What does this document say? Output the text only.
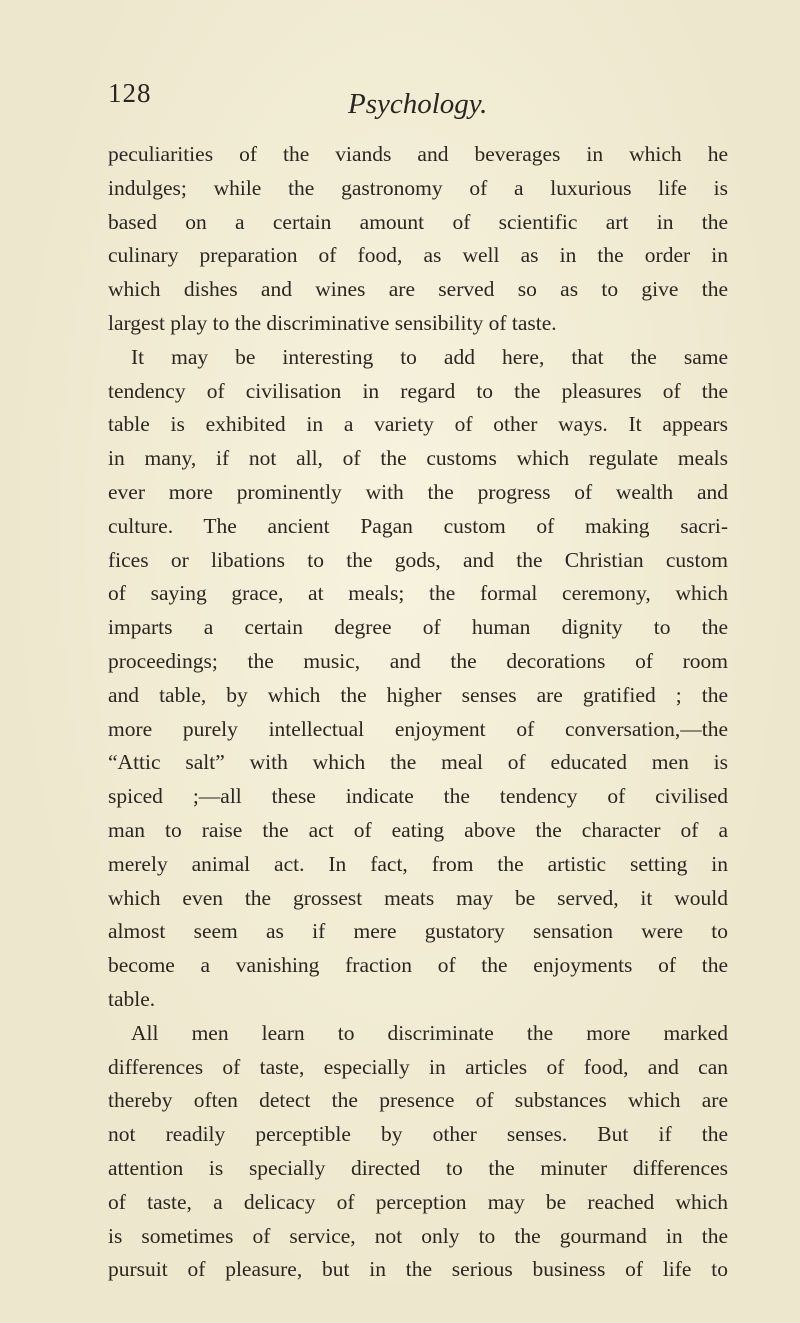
128	Psychology.
peculiarities of the viands and beverages in which he
indulges; while the gastronomy of a luxurious life is
based on a certain amount of scientific art in the
culinary preparation of food, as well as in the order in
which dishes and wines are served so as to give the
largest play to the discriminative sensibility of taste.
It may be interesting to add here, that the same
tendency of civilisation in regard to the pleasures of the
table is exhibited in a variety of other ways. It appears
in many, if not all, of the customs which regulate meals
ever more prominently with the progress of wealth and
culture. The ancient Pagan custom of making sacri-
fices or libations to the gods, and the Christian custom
of saying grace, at meals; the formal ceremony, which
imparts a certain degree of human dignity to the
proceedings; the music, and the decorations of room
and table, by which the higher senses are gratified ; the
more purely intellectual enjoyment of conversation,—the
“Attic salt” with which the meal of educated men is
spiced ;—all these indicate the tendency of civilised
man to raise the act of eating above the character of a
merely animal act. In fact, from the artistic setting in
which even the grossest meats may be served, it would
almost seem as if mere gustatory sensation were to
become a vanishing fraction of the enjoyments of the
table.
All men learn to discriminate the more marked
differences of taste, especially in articles of food, and can
thereby often detect the presence of substances which are
not readily perceptible by other senses. But if the
attention is specially directed to the minuter differences
of taste, a delicacy of perception may be reached which
is sometimes of service, not only to the gourmand in the
pursuit of pleasure, but in the serious business of life to
